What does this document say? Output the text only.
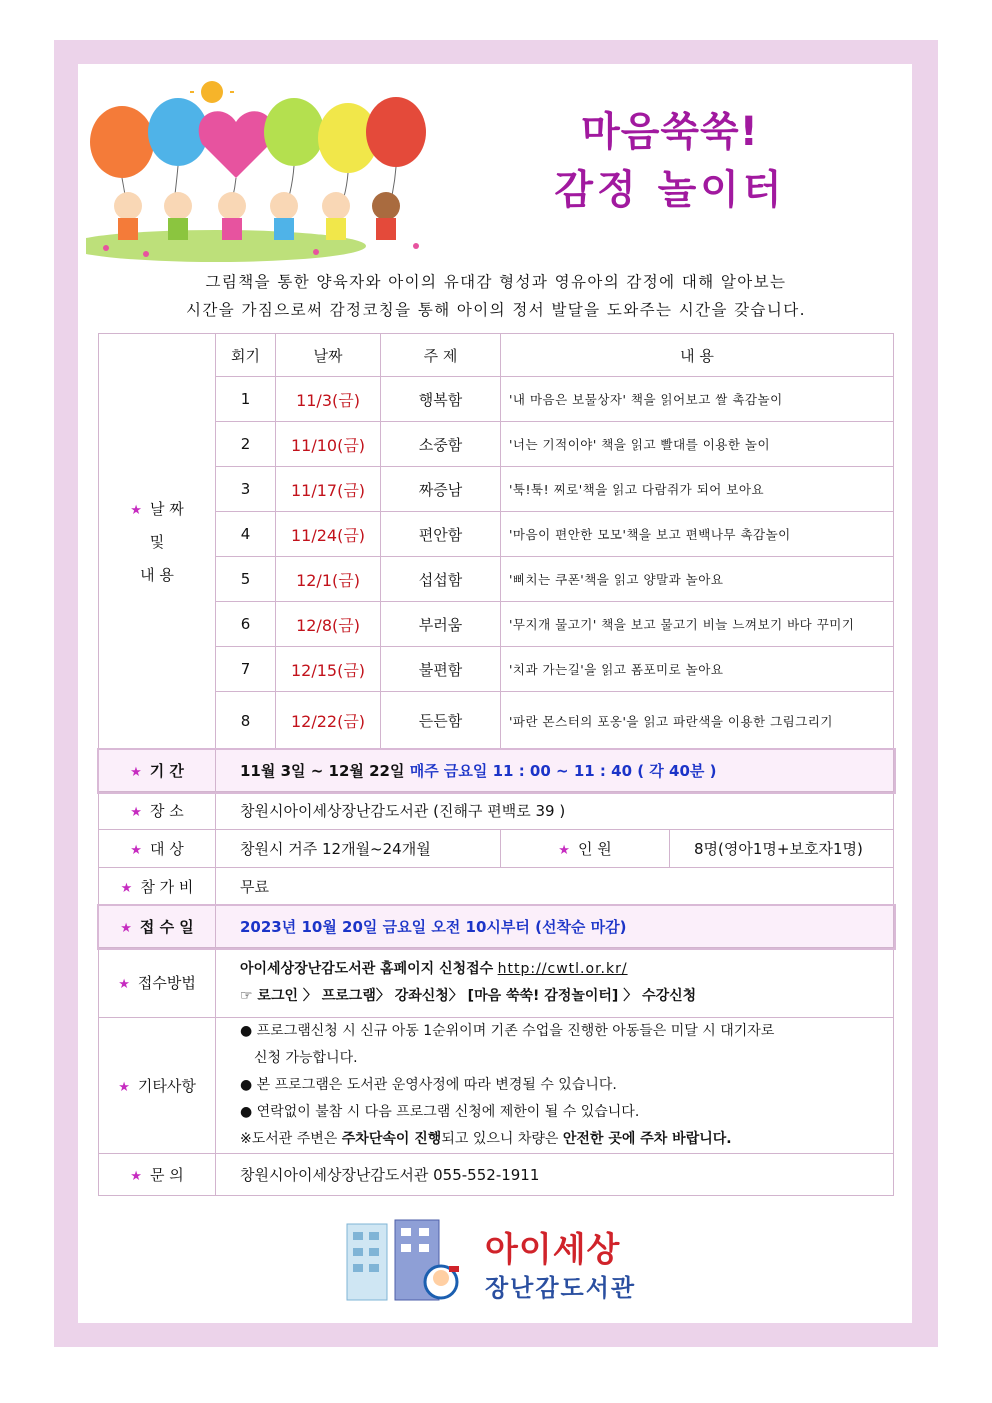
마음쑥쑥!
감정 놀이터
그림책을 통한 양육자와 아이의 유대감 형성과 영유아의 감정에 대해 알아보는
시간을 가짐으로써 감정코칭을 통해 아이의 정서 발달을 도와주는 시간을 갖습니다.
★ 날 짜
및
내 용	회기	날짜	주 제	내 용	
	1	11/3(금)	행복함	'내 마음은 보물상자' 책을 읽어보고 쌀 촉감놀이	
	2	11/10(금)	소중함	'너는 기적이야' 책을 읽고 빨대를 이용한 놀이	
	3	11/17(금)	짜증남	'툭!툭! 찌로'책을 읽고 다람쥐가 되어 보아요	
	4	11/24(금)	편안함	'마음이 편안한 모모'책을 보고 편백나무 촉감놀이	
	5	12/1(금)	섭섭함	'삐치는 쿠폰'책을 읽고 양말과 놀아요	
	6	12/8(금)	부러움	'무지개 물고기' 책을 보고 물고기 비늘 느껴보기 바다 꾸미기	
	7	12/15(금)	불편함	'치과 가는길'을 읽고 폼포미로 놀아요	
	8	12/22(금)	든든함	'파란 몬스터의 포옹'을 읽고 파란색을 이용한 그림그리기	
★ 기 간	11월 3일 ~ 12월 22일 매주 금요일 11 : 00 ~ 11 : 40 ( 각 40분 )				
★ 장 소	창원시아이세상장난감도서관 (진해구 편백로 39 )				
★ 대 상	창원시 거주 12개월~24개월			★ 인 원	8명(영아1명+보호자1명)
★ 참 가 비	무료				
★ 접 수 일	2023년 10월 20일 금요일 오전 10시부터 (선착순 마감)				
★ 접수방법	아이세상장난감도서관 홈페이지 신청접수 http://cwtl.or.kr/
☞ 로그인 〉 프로그램〉 강좌신청〉 [마음 쑥쑥! 감정놀이터] 〉 수강신청				

★ 기타사항	● 프로그램신청 시 신규 아동 1순위이며 기존 수업을 진행한 아동들은 미달 시 대기자로
신청 가능합니다.
● 본 프로그램은 도서관 운영사정에 따라 변경될 수 있습니다.
● 연락없이 불참 시 다음 프로그램 신청에 제한이 될 수 있습니다.
※도서관 주변은 주차단속이 진행되고 있으니 차량은 안전한 곳에 주차 바랍니다.				

★ 문 의	창원시아이세상장난감도서관 055-552-1911				
아이세상
장난감도서관
